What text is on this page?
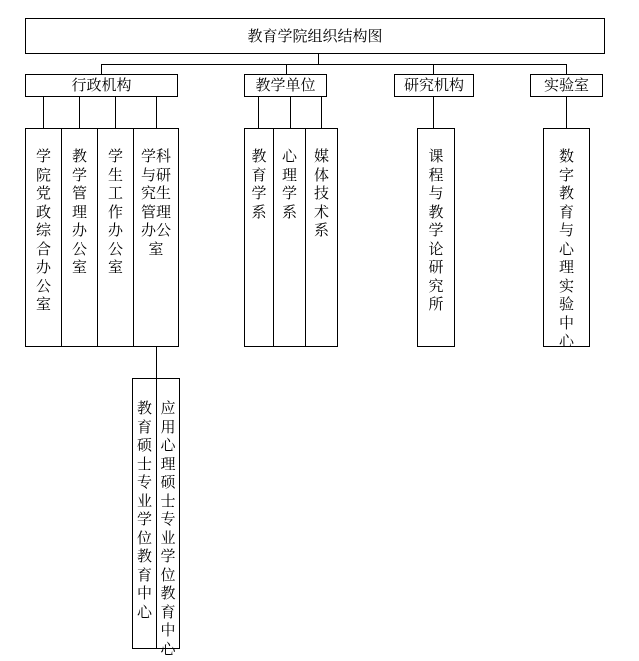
教育学院组织结构图
行政机构	教学单位	研究机构	实验室
学院党政综合办公室
教学管理办公室
学生工作办公室
学科与研究生管理办公室
教育学系
心理学系
媒体技术系
课程与教学论研究所
数字教育与心理实验中心
教育硕士专业学位教育中心
应用心理硕士专业学位教育中心
